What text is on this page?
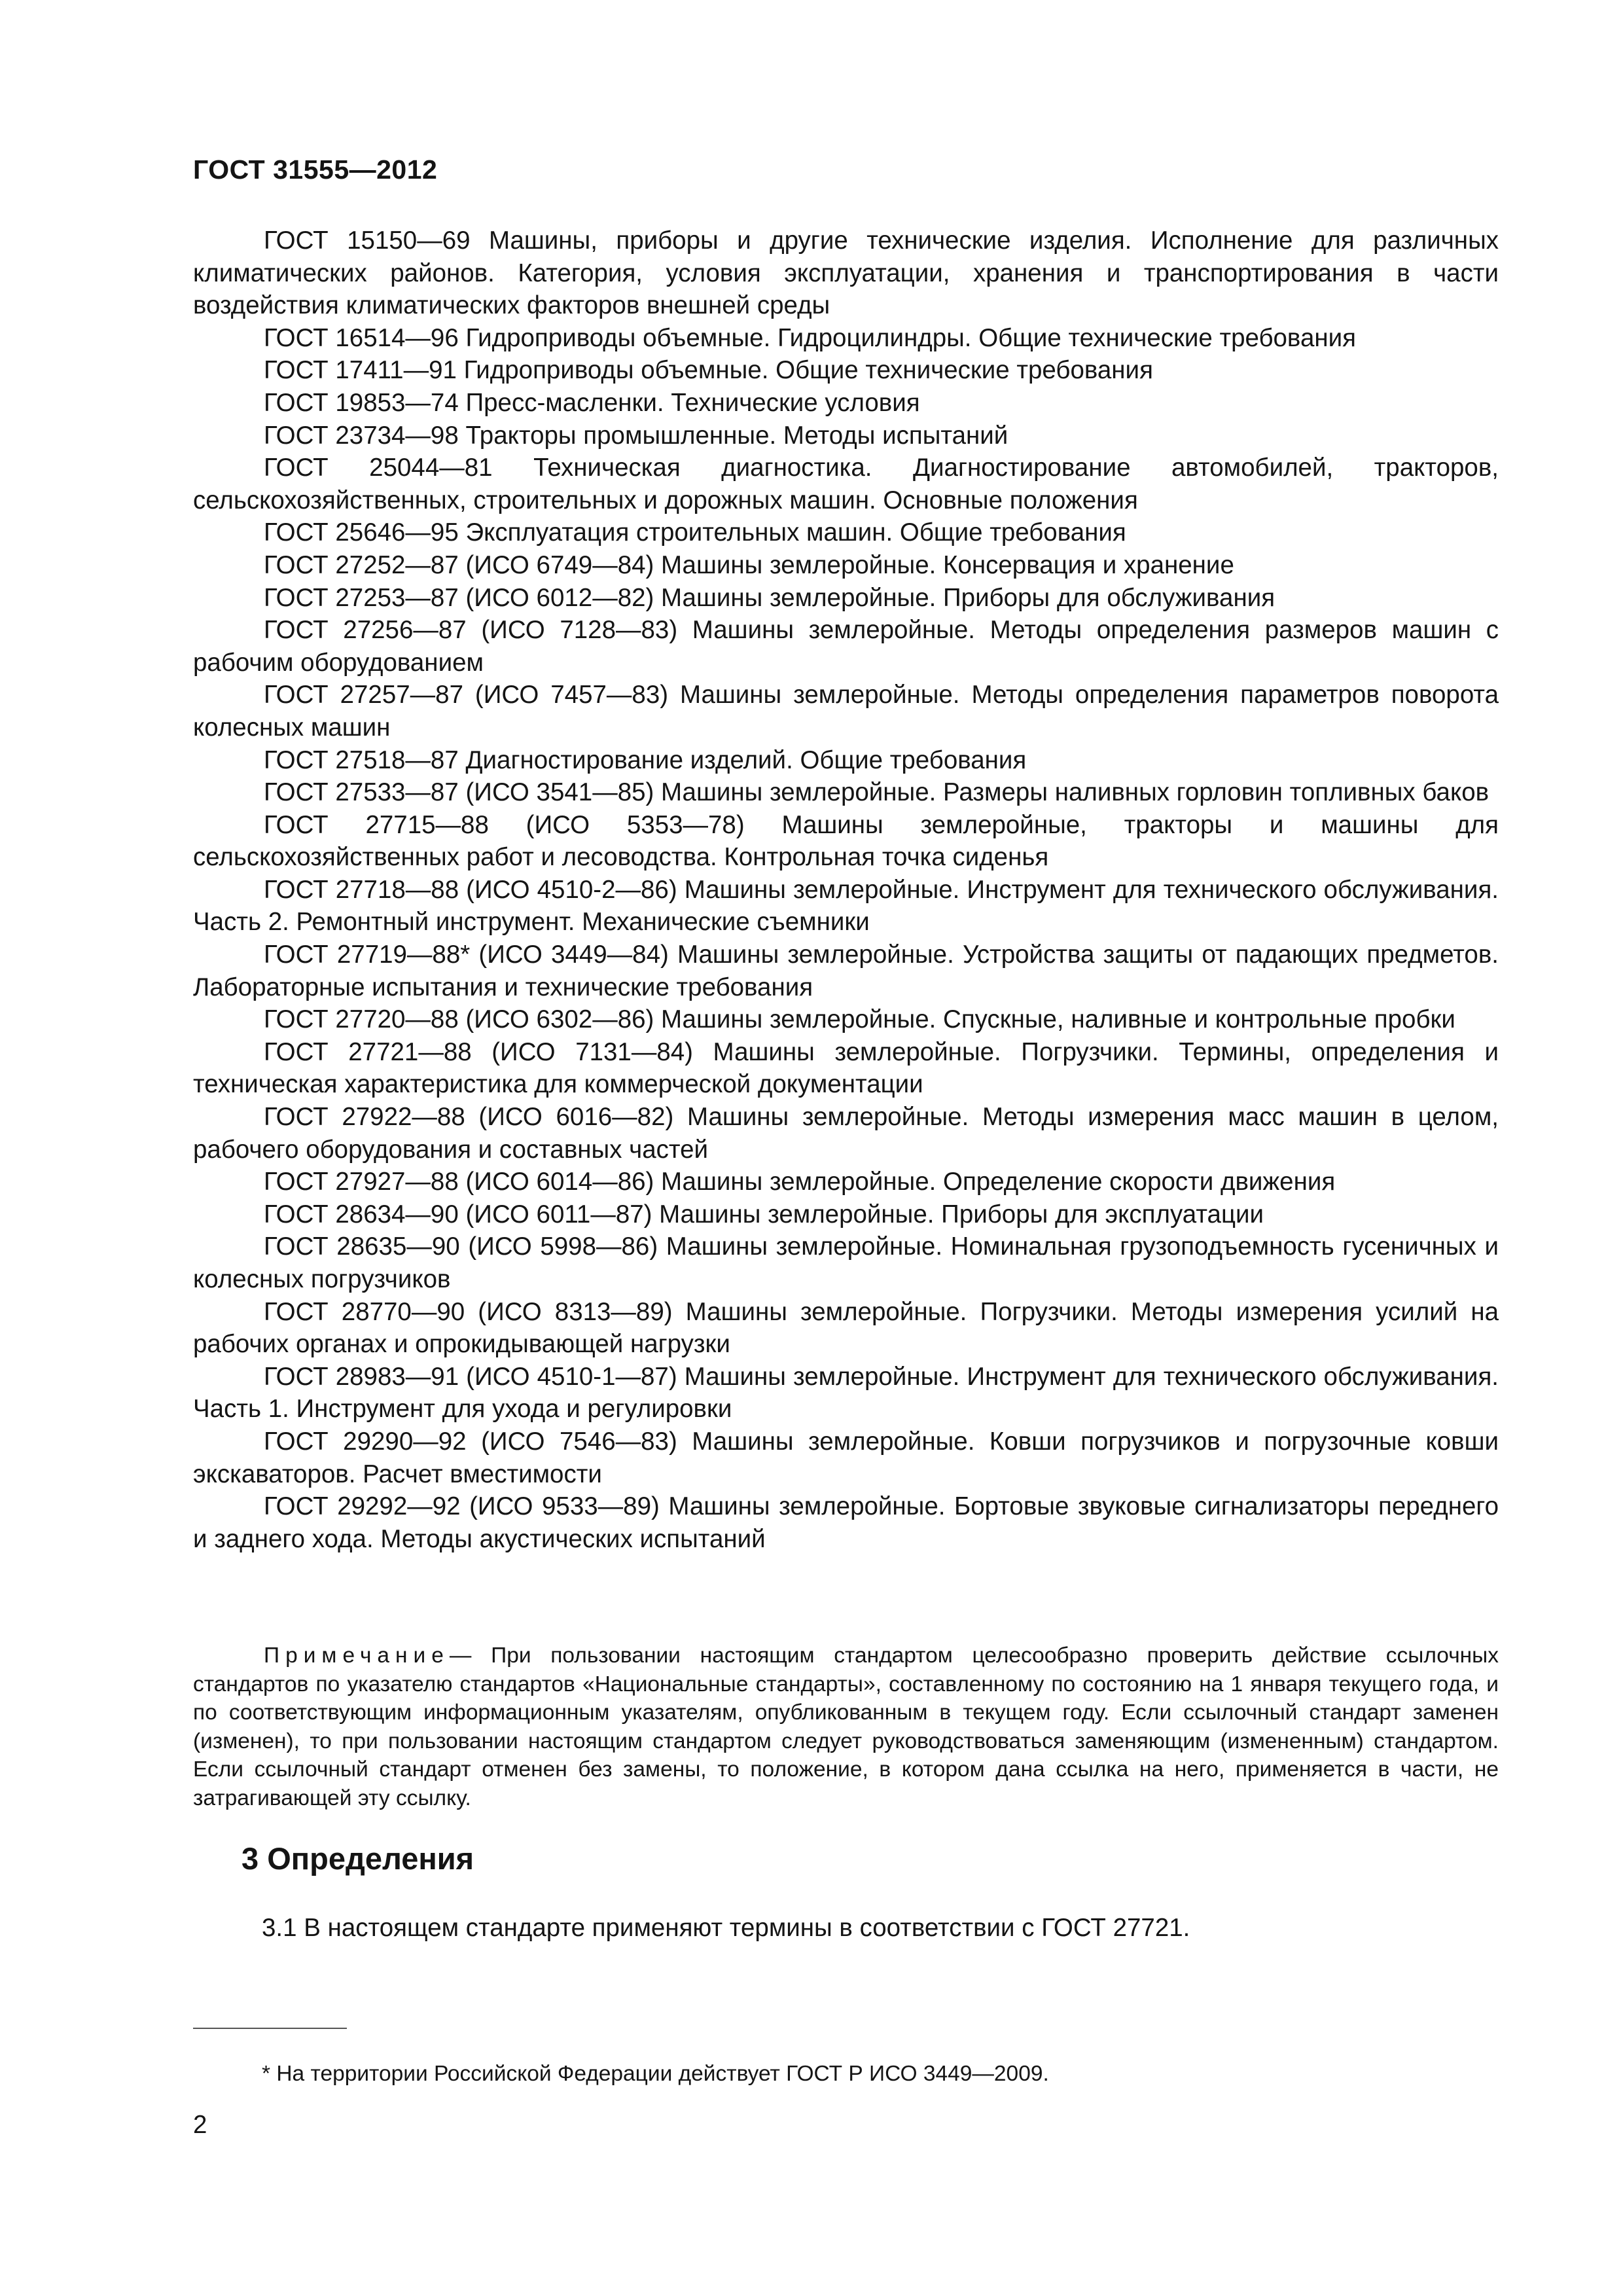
ГОСТ 31555—2012

ГОСТ 15150—69 Машины, приборы и другие технические изделия. Исполнение для различных климатических районов. Категория, условия эксплуатации, хранения и транспортирования в части воздействия климатических факторов внешней среды

ГОСТ 16514—96 Гидроприводы объемные. Гидроцилиндры. Общие технические требования

ГОСТ 17411—91 Гидроприводы объемные. Общие технические требования

ГОСТ 19853—74 Пресс-масленки. Технические условия

ГОСТ 23734—98 Тракторы промышленные. Методы испытаний

ГОСТ 25044—81 Техническая диагностика. Диагностирование автомобилей, тракторов, сельскохозяйственных, строительных и дорожных машин. Основные положения

ГОСТ 25646—95 Эксплуатация строительных машин. Общие требования

ГОСТ 27252—87 (ИСО 6749—84) Машины землеройные. Консервация и хранение

ГОСТ 27253—87 (ИСО 6012—82) Машины землеройные. Приборы для обслуживания

ГОСТ 27256—87 (ИСО 7128—83) Машины землеройные. Методы определения размеров машин с рабочим оборудованием

ГОСТ 27257—87 (ИСО 7457—83) Машины землеройные. Методы определения параметров поворота колесных машин

ГОСТ 27518—87 Диагностирование изделий. Общие требования

ГОСТ 27533—87 (ИСО 3541—85) Машины землеройные. Размеры наливных горловин топливных баков

ГОСТ 27715—88 (ИСО 5353—78) Машины землеройные, тракторы и машины для сельскохозяйственных работ и лесоводства. Контрольная точка сиденья

ГОСТ 27718—88 (ИСО 4510-2—86) Машины землеройные. Инструмент для технического обслуживания. Часть 2. Ремонтный инструмент. Механические съемники

ГОСТ 27719—88* (ИСО 3449—84) Машины землеройные. Устройства защиты от падающих предметов. Лабораторные испытания и технические требования

ГОСТ 27720—88 (ИСО 6302—86) Машины землеройные. Спускные, наливные и контрольные пробки

ГОСТ 27721—88 (ИСО 7131—84) Машины землеройные. Погрузчики. Термины, определения и техническая характеристика для коммерческой документации

ГОСТ 27922—88 (ИСО 6016—82) Машины землеройные. Методы измерения масс машин в целом, рабочего оборудования и составных частей

ГОСТ 27927—88 (ИСО 6014—86) Машины землеройные. Определение скорости движения

ГОСТ 28634—90 (ИСО 6011—87) Машины землеройные. Приборы для эксплуатации

ГОСТ 28635—90 (ИСО 5998—86) Машины землеройные. Номинальная грузоподъемность гусеничных и колесных погрузчиков

ГОСТ 28770—90 (ИСО 8313—89) Машины землеройные. Погрузчики. Методы измерения усилий на рабочих органах и опрокидывающей нагрузки

ГОСТ 28983—91 (ИСО 4510-1—87) Машины землеройные. Инструмент для технического обслуживания. Часть 1. Инструмент для ухода и регулировки

ГОСТ 29290—92 (ИСО 7546—83) Машины землеройные. Ковши погрузчиков и погрузочные ковши экскаваторов. Расчет вместимости

ГОСТ 29292—92 (ИСО 9533—89) Машины землеройные. Бортовые звуковые сигнализаторы переднего и заднего хода. Методы акустических испытаний

Примечание— При пользовании настоящим стандартом целесообразно проверить действие ссылочных стандартов по указателю стандартов «Национальные стандарты», составленному по состоянию на 1 января текущего года, и по соответствующим информационным указателям, опубликованным в текущем году. Если ссылочный стандарт заменен (изменен), то при пользовании настоящим стандартом следует руководствоваться заменяющим (измененным) стандартом. Если ссылочный стандарт отменен без замены, то положение, в котором дана ссылка на него, применяется в части, не затрагивающей эту ссылку.

3 Определения

3.1 В настоящем стандарте применяют термины в соответствии с ГОСТ 27721.

* На территории Российской Федерации действует ГОСТ Р ИСО 3449—2009.

2
